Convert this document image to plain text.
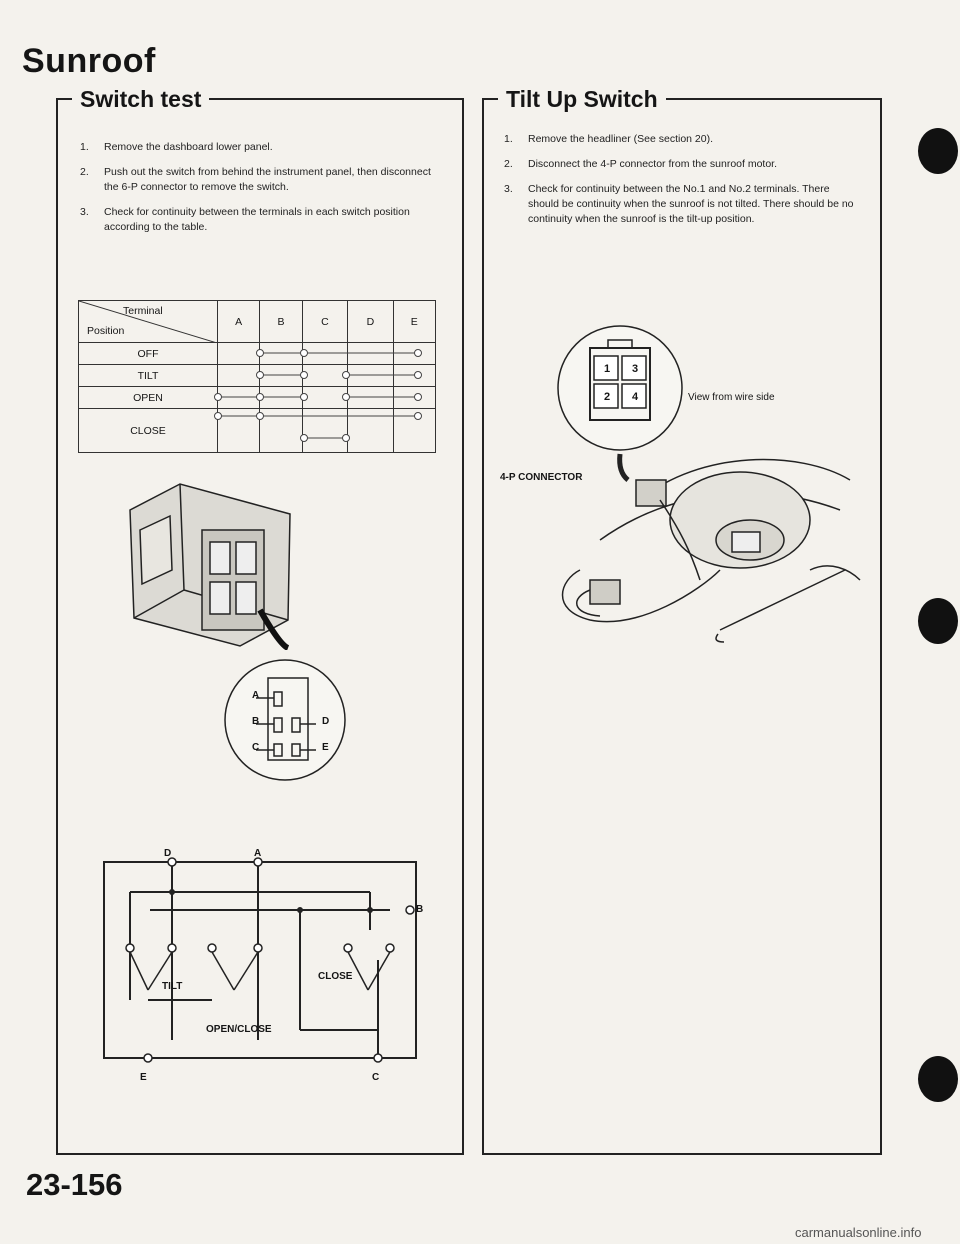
Sunroof
Switch test
1.	Remove the dashboard lower panel.
2.	Push out the switch from behind the instrument panel, then disconnect the 6-P connector to remove the switch.
3.	Check for continuity between the terminals in each switch position according to the table.
Terminal
Position	A	B	C	D	E
OFF					
TILT					
OPEN					
CLOSE					
A
B
C
D
E
D	A
B
E	C
TILT
CLOSE
OPEN/CLOSE
Tilt Up Switch
1.	Remove the headliner (See section 20).
2.	Disconnect the 4-P connector from the sunroof motor.
3.	Check for continuity between the No.1 and No.2 terminals. There should be continuity when the sunroof is not tilted. There should be no continuity when the sunroof is the tilt-up position.
1 3
2 4	View from wire side
4-P CONNECTOR
23-156
carmanualsonline.info
